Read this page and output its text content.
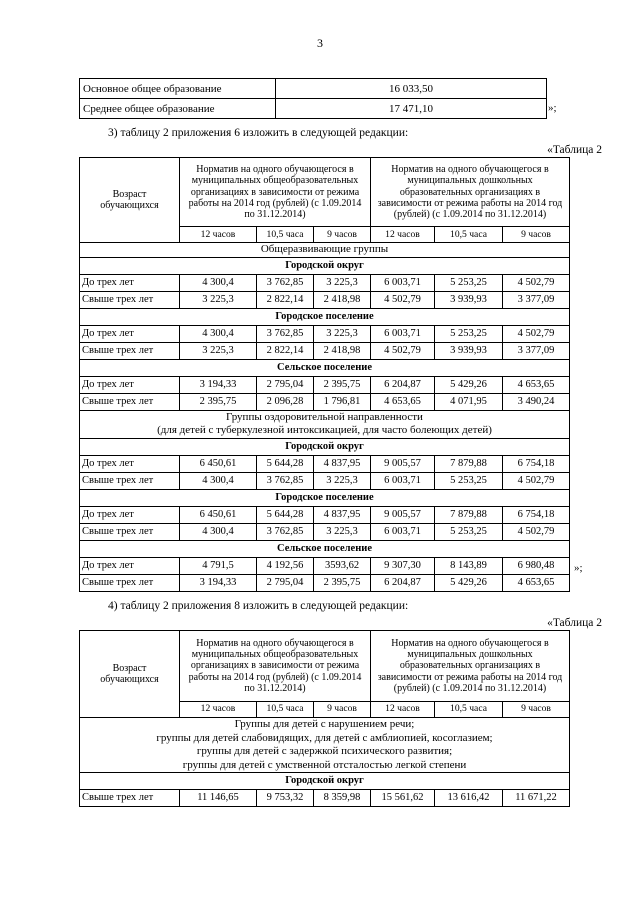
3
Основное общее образование	16 033,50
Среднее общее образование	17 471,10	»;
3) таблицу 2 приложения 6 изложить в следующей редакции:
«Таблица 2
Возраст обучающихся	Норматив на одного обучающегося в муниципальных общеобразовательных организациях в зависимости от режима работы на 2014 год (рублей) (с 1.09.2014 по 31.12.2014)			Норматив на одного обучающегося в муниципальных дошкольных образовательных организациях в зависимости от режима работы на 2014 год (рублей) (с 1.09.2014 по 31.12.2014)		
	12 часов	10,5 часа	9 часов	12 часов	10,5 часа	9 часов

Общеразвивающие группы						

Городской округ						
До трех лет	4 300,4	3 762,85	3 225,3	6 003,71	5 253,25	4 502,79
Свыше трех лет	3 225,3	2 822,14	2 418,98	4 502,79	3 939,93	3 377,09
Городское поселение						
До трех лет	4 300,4	3 762,85	3 225,3	6 003,71	5 253,25	4 502,79
Свыше трех лет	3 225,3	2 822,14	2 418,98	4 502,79	3 939,93	3 377,09
Сельское поселение						
До трех лет	3 194,33	2 795,04	2 395,75	6 204,87	5 429,26	4 653,65
Свыше трех лет	2 395,75	2 096,28	1 796,81	4 653,65	4 071,95	3 490,24

Группы оздоровительной направленности
(для детей с туберкулезной интоксикацией, для часто болеющих детей)						

Городской округ						
До трех лет	6 450,61	5 644,28	4 837,95	9 005,57	7 879,88	6 754,18
Свыше трех лет	4 300,4	3 762,85	3 225,3	6 003,71	5 253,25	4 502,79
Городское поселение						
До трех лет	6 450,61	5 644,28	4 837,95	9 005,57	7 879,88	6 754,18
Свыше трех лет	4 300,4	3 762,85	3 225,3	6 003,71	5 253,25	4 502,79
Сельское поселение						
До трех лет	4 791,5	4 192,56	3593,62	9 307,30	8 143,89	6 980,48
Свыше трех лет	3 194,33	2 795,04	2 395,75	6 204,87	5 429,26	4 653,65
»;
4) таблицу 2 приложения 8 изложить в следующей редакции:
«Таблица 2
Возраст обучающихся	Норматив на одного обучающегося в муниципальных общеобразовательных организациях в зависимости от режима работы на 2014 год (рублей) (с 1.09.2014 по 31.12.2014)			Норматив на одного обучающегося в муниципальных дошкольных образовательных организациях в зависимости от режима работы на 2014 год (рублей) (с 1.09.2014 по 31.12.2014)		
	12 часов	10,5 часа	9 часов	12 часов	10,5 часа	9 часов

Группы для детей с нарушением речи;
группы для детей слабовидящих, для детей с амблиопией, косоглазием;
группы для детей с задержкой психического развития;
группы для детей с умственной отсталостью легкой степени						

Городской округ						
Свыше трех лет	11 146,65	9 753,32	8 359,98	15 561,62	13 616,42	11 671,22
